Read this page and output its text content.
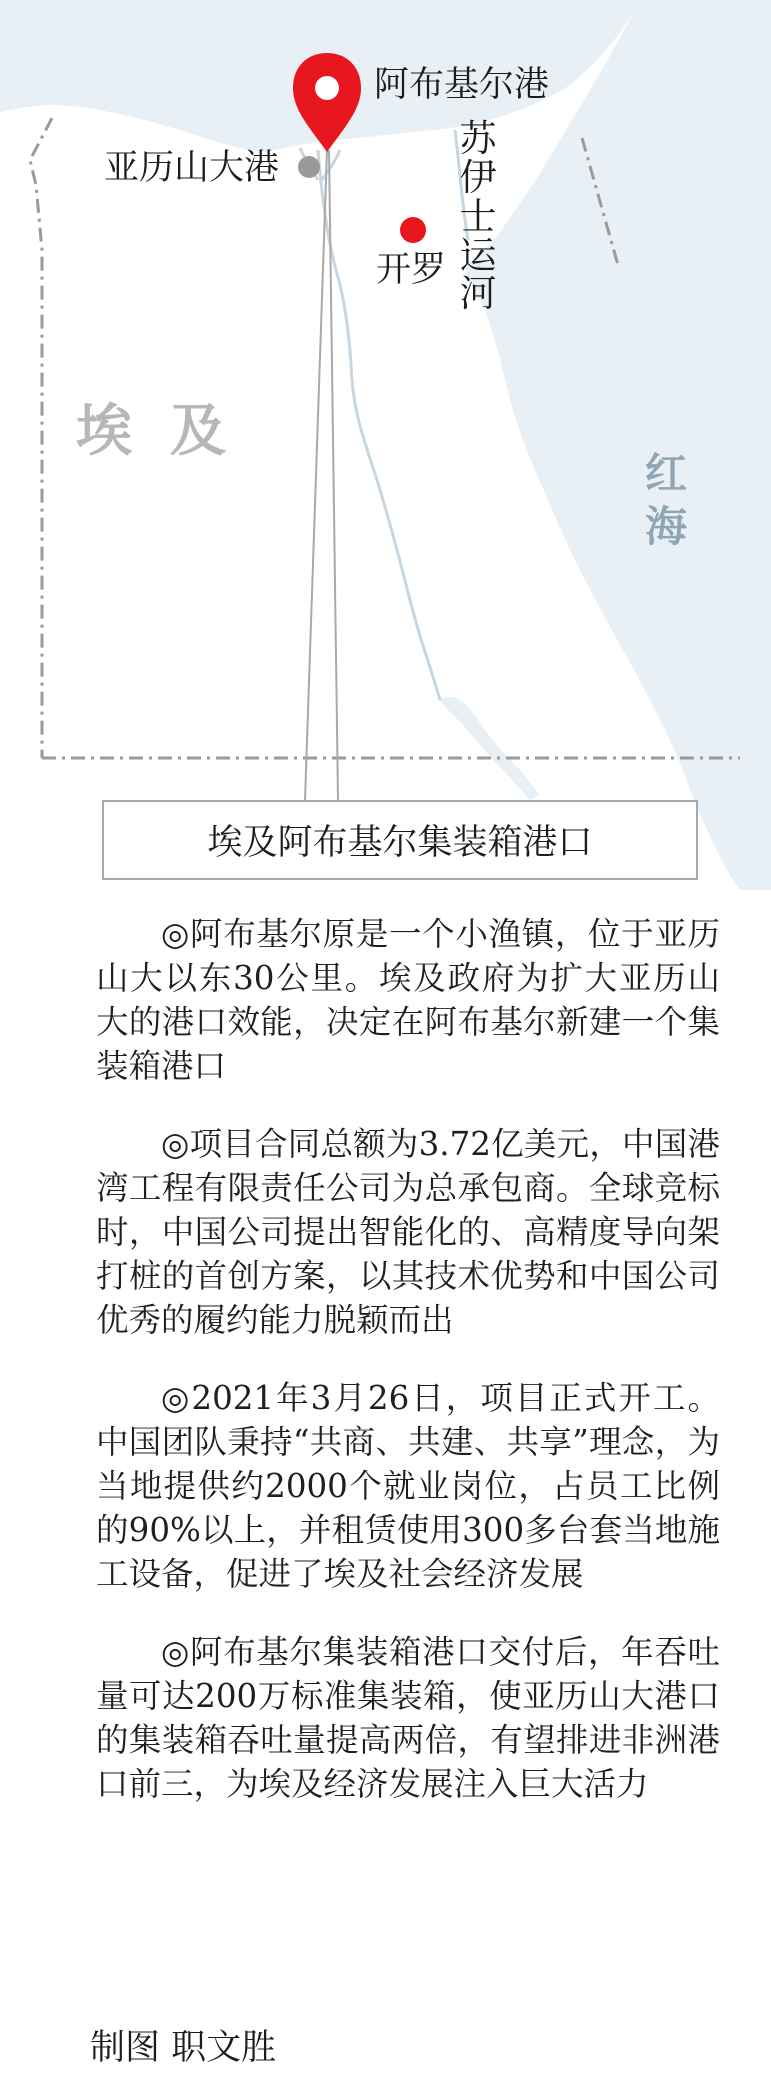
阿布基尔港
亚历山大港
开罗
苏伊士运河
埃及
红海
埃及阿布基尔集装箱港口

◎阿布基尔原是一个小渔镇，位于亚历山大以东30公里。埃及政府为扩大亚历山大的港口效能，决定在阿布基尔新建一个集装箱港口

◎项目合同总额为3.72亿美元，中国港湾工程有限责任公司为总承包商。全球竞标时，中国公司提出智能化的、高精度导向架打桩的首创方案，以其技术优势和中国公司优秀的履约能力脱颖而出

◎2021年3月26日，项目正式开工。中国团队秉持“共商、共建、共享”理念，为当地提供约2000个就业岗位，占员工比例的90%以上，并租赁使用300多台套当地施工设备，促进了埃及社会经济发展

◎阿布基尔集装箱港口交付后，年吞吐量可达200万标准集装箱，使亚历山大港口的集装箱吞吐量提高两倍，有望排进非洲港口前三，为埃及经济发展注入巨大活力

制图 职文胜
